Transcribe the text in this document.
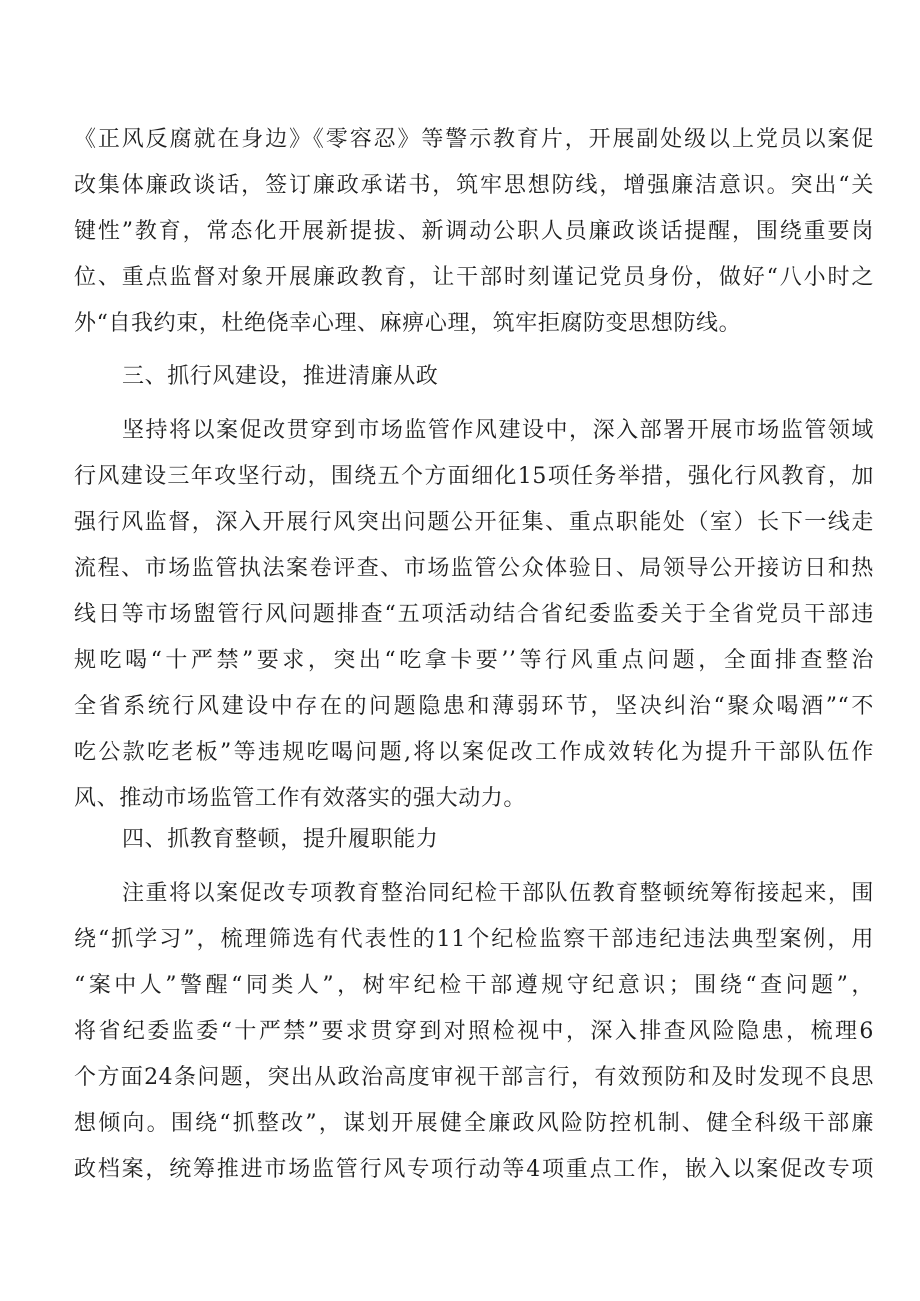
《正风反腐就在身边》《零容忍》等警示教育片，开展副处级以上党员以案促
改集体廉政谈话，签订廉政承诺书，筑牢思想防线，增强廉洁意识。突出“关
键性”教育，常态化开展新提拔、新调动公职人员廉政谈话提醒，围绕重要岗
位、重点监督对象开展廉政教育，让干部时刻谨记党员身份，做好“八小时之
外“自我约束，杜绝侥幸心理、麻痹心理，筑牢拒腐防变思想防线。
三、抓行风建设，推进清廉从政
坚持将以案促改贯穿到市场监管作风建设中，深入部署开展市场监管领域
行风建设三年攻坚行动，围绕五个方面细化15项任务举措，强化行风教育，加
强行风监督，深入开展行风突出问题公开征集、重点职能处（室）长下一线走
流程、市场监管执法案卷评查、市场监管公众体验日、局领导公开接访日和热
线日等市场盥管行风问题排查“五项活动结合省纪委监委关于全省党员干部违
规吃喝“十严禁”要求，突出“吃拿卡要’’等行风重点问题，全面排查整治
全省系统行风建设中存在的问题隐患和薄弱环节，坚决纠治“聚众喝酒”“不
吃公款吃老板”等违规吃喝问题,将以案促改工作成效转化为提升干部队伍作
风、推动市场监管工作有效落实的强大动力。
四、抓教育整顿，提升履职能力
注重将以案促改专项教育整治同纪检干部队伍教育整顿统筹衔接起来，围
绕“抓学习”，梳理筛选有代表性的11个纪检监察干部违纪违法典型案例，用
“案中人”警醒“同类人”，树牢纪检干部遵规守纪意识；围绕“查问题”，
将省纪委监委“十严禁”要求贯穿到对照检视中，深入排查风险隐患，梳理6
个方面24条问题，突出从政治高度审视干部言行，有效预防和及时发现不良思
想倾向。围绕“抓整改”，谋划开展健全廉政风险防控机制、健全科级干部廉
政档案，统筹推进市场监管行风专项行动等4项重点工作，嵌入以案促改专项
